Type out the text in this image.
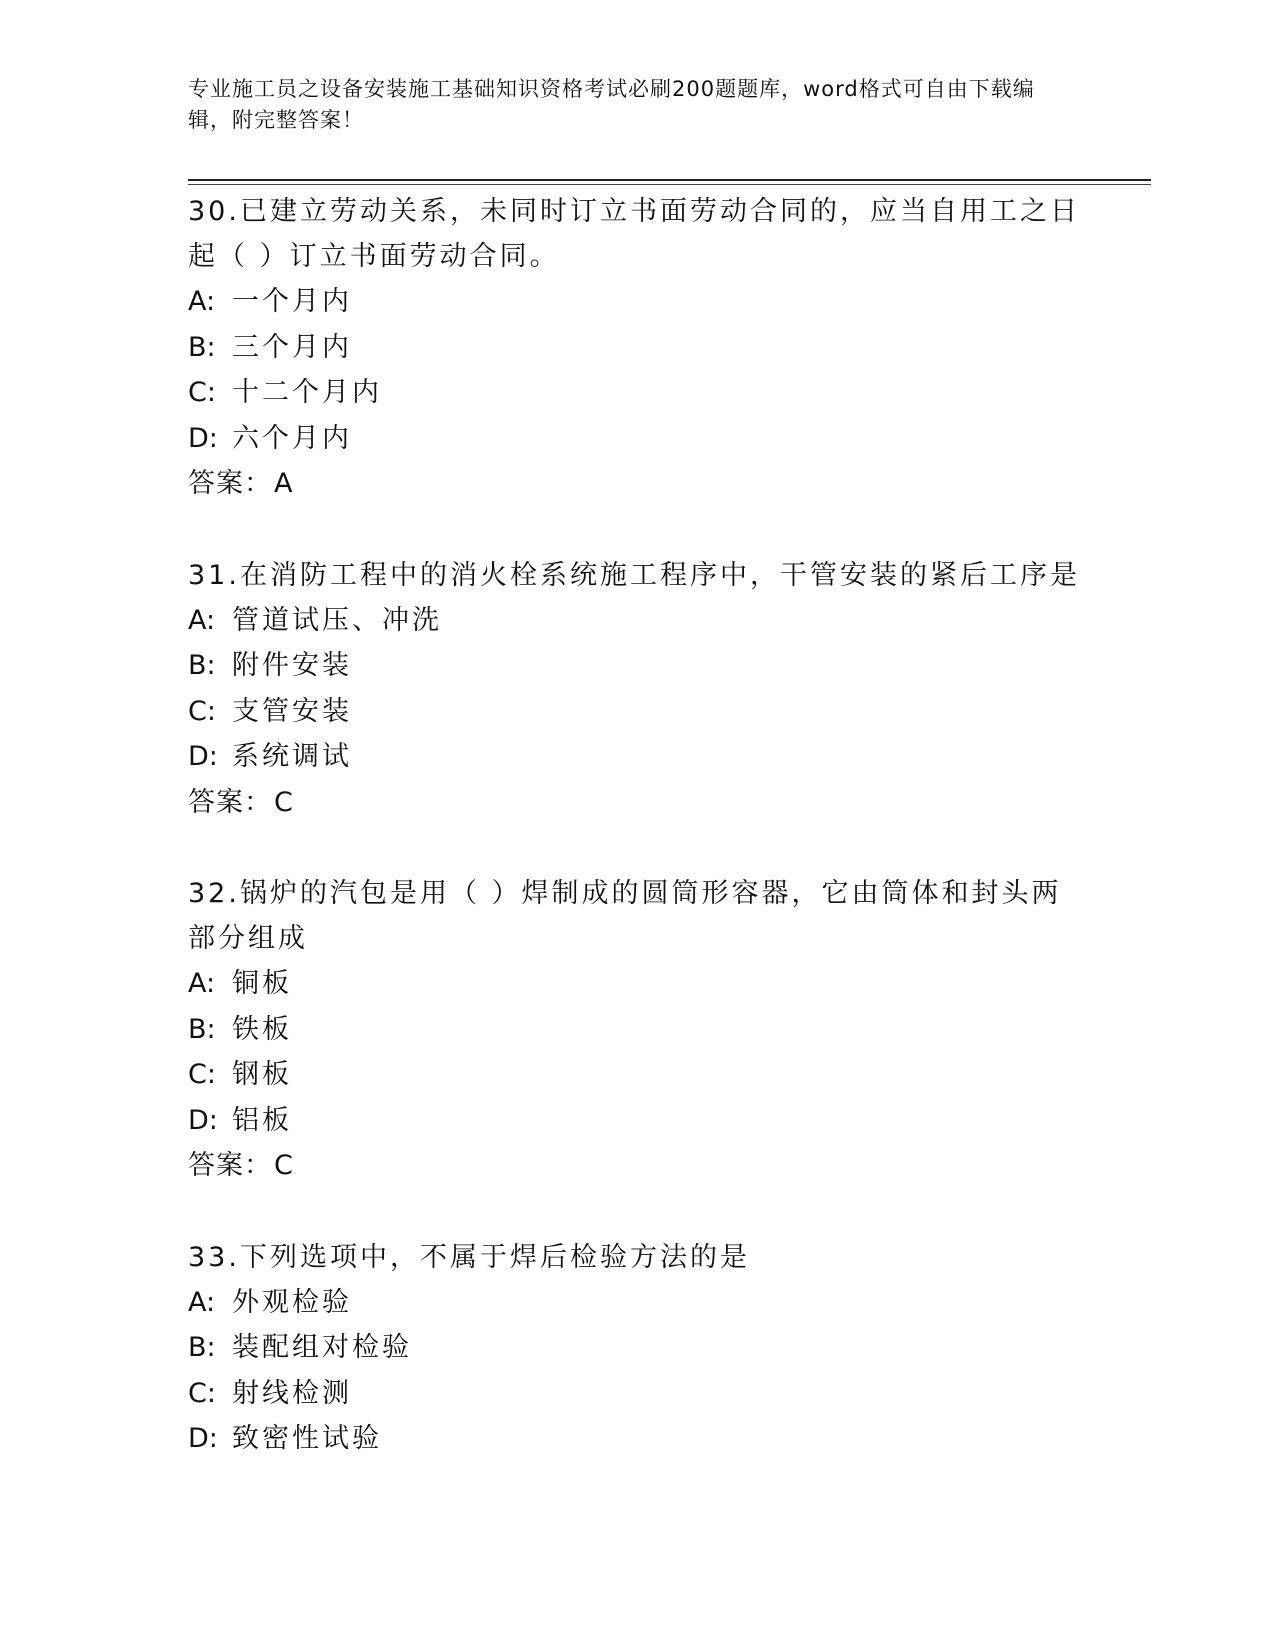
专业施工员之设备安装施工基础知识资格考试必刷200题题库，word格式可自由下载编辑，附完整答案！
30.已建立劳动关系，未同时订立书面劳动合同的，应当自用工之日起（ ）订立书面劳动合同。
A: 一个月内
B: 三个月内
C: 十二个月内
D: 六个月内
答案：A
31.在消防工程中的消火栓系统施工程序中，干管安装的紧后工序是
A: 管道试压、冲洗
B: 附件安装
C: 支管安装
D: 系统调试
答案：C
32.锅炉的汽包是用（ ）焊制成的圆筒形容器，它由筒体和封头两部分组成
A: 铜板
B: 铁板
C: 钢板
D: 铝板
答案：C
33.下列选项中，不属于焊后检验方法的是
A: 外观检验
B: 装配组对检验
C: 射线检测
D: 致密性试验
